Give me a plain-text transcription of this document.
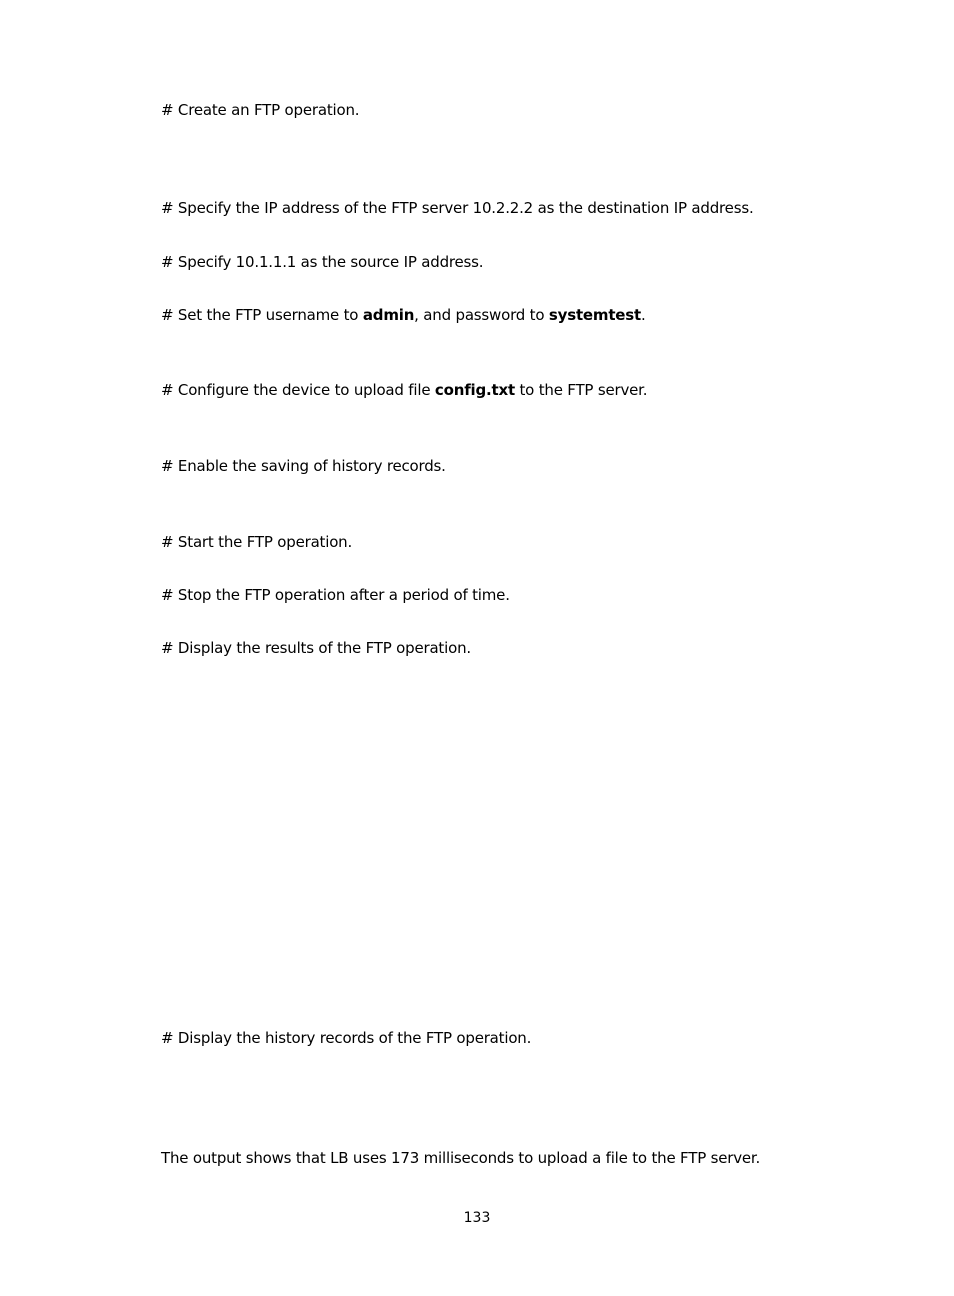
# Create an FTP operation.

# Specify the IP address of the FTP server 10.2.2.2 as the destination IP address.

# Specify 10.1.1.1 as the source IP address.

# Set the FTP username to admin, and password to systemtest.

# Configure the device to upload file config.txt to the FTP server.

# Enable the saving of history records.

# Start the FTP operation.

# Stop the FTP operation after a period of time.

# Display the results of the FTP operation.

# Display the history records of the FTP operation.

The output shows that LB uses 173 milliseconds to upload a file to the FTP server.

133
